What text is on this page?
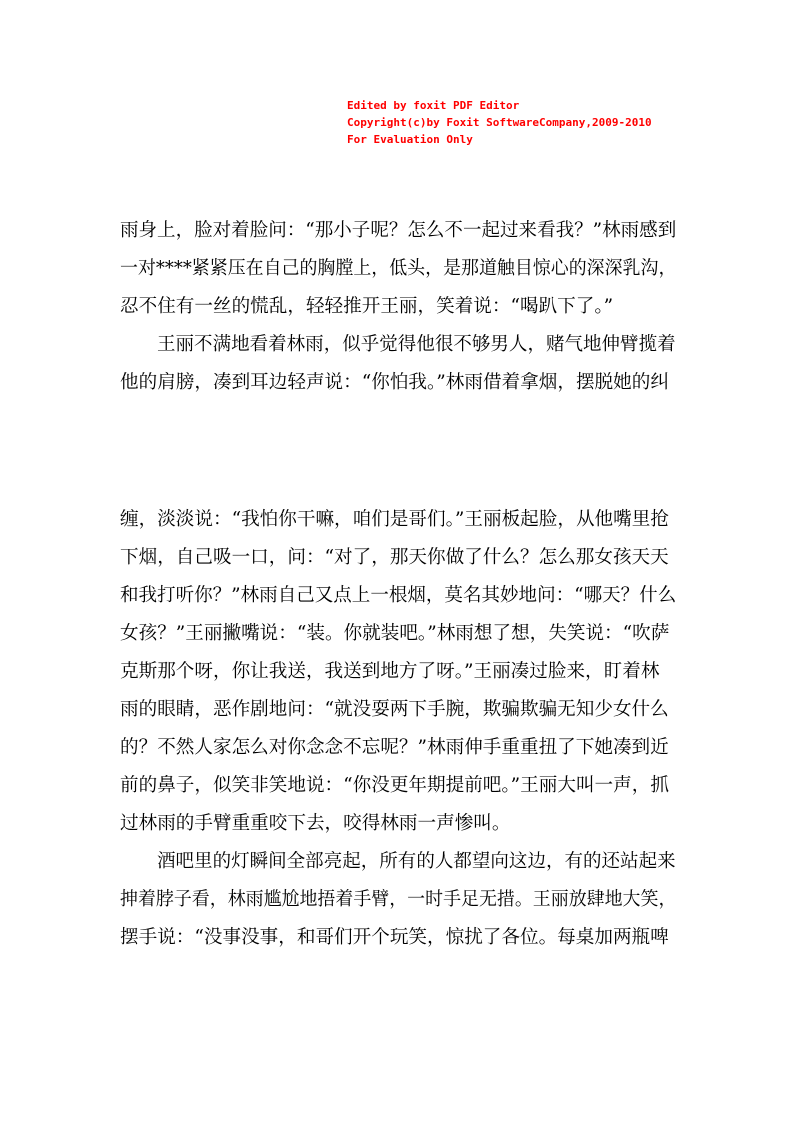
Edited by foxit PDF Editor
Copyright(c)by Foxit SoftwareCompany,2009-2010
For Evaluation Only
雨身上，脸对着脸问：“那小子呢？怎么不一起过来看我？”林雨感到
一对****紧紧压在自己的胸膛上，低头，是那道触目惊心的深深乳沟，
忍不住有一丝的慌乱，轻轻推开王丽，笑着说：“喝趴下了。”
王丽不满地看着林雨，似乎觉得他很不够男人，赌气地伸臂揽着
他的肩膀，凑到耳边轻声说：“你怕我。”林雨借着拿烟，摆脱她的纠
缠，淡淡说：“我怕你干嘛，咱们是哥们。”王丽板起脸，从他嘴里抢
下烟，自己吸一口，问：“对了，那天你做了什么？怎么那女孩天天
和我打听你？”林雨自己又点上一根烟，莫名其妙地问：“哪天？什么
女孩？”王丽撇嘴说：“装。你就装吧。”林雨想了想，失笑说：“吹萨
克斯那个呀，你让我送，我送到地方了呀。”王丽凑过脸来，盯着林
雨的眼睛，恶作剧地问：“就没耍两下手腕，欺骗欺骗无知少女什么
的？不然人家怎么对你念念不忘呢？”林雨伸手重重扭了下她凑到近
前的鼻子，似笑非笑地说：“你没更年期提前吧。”王丽大叫一声，抓
过林雨的手臂重重咬下去，咬得林雨一声惨叫。
酒吧里的灯瞬间全部亮起，所有的人都望向这边，有的还站起来
抻着脖子看，林雨尴尬地捂着手臂，一时手足无措。王丽放肆地大笑，
摆手说：“没事没事，和哥们开个玩笑，惊扰了各位。每桌加两瓶啤
